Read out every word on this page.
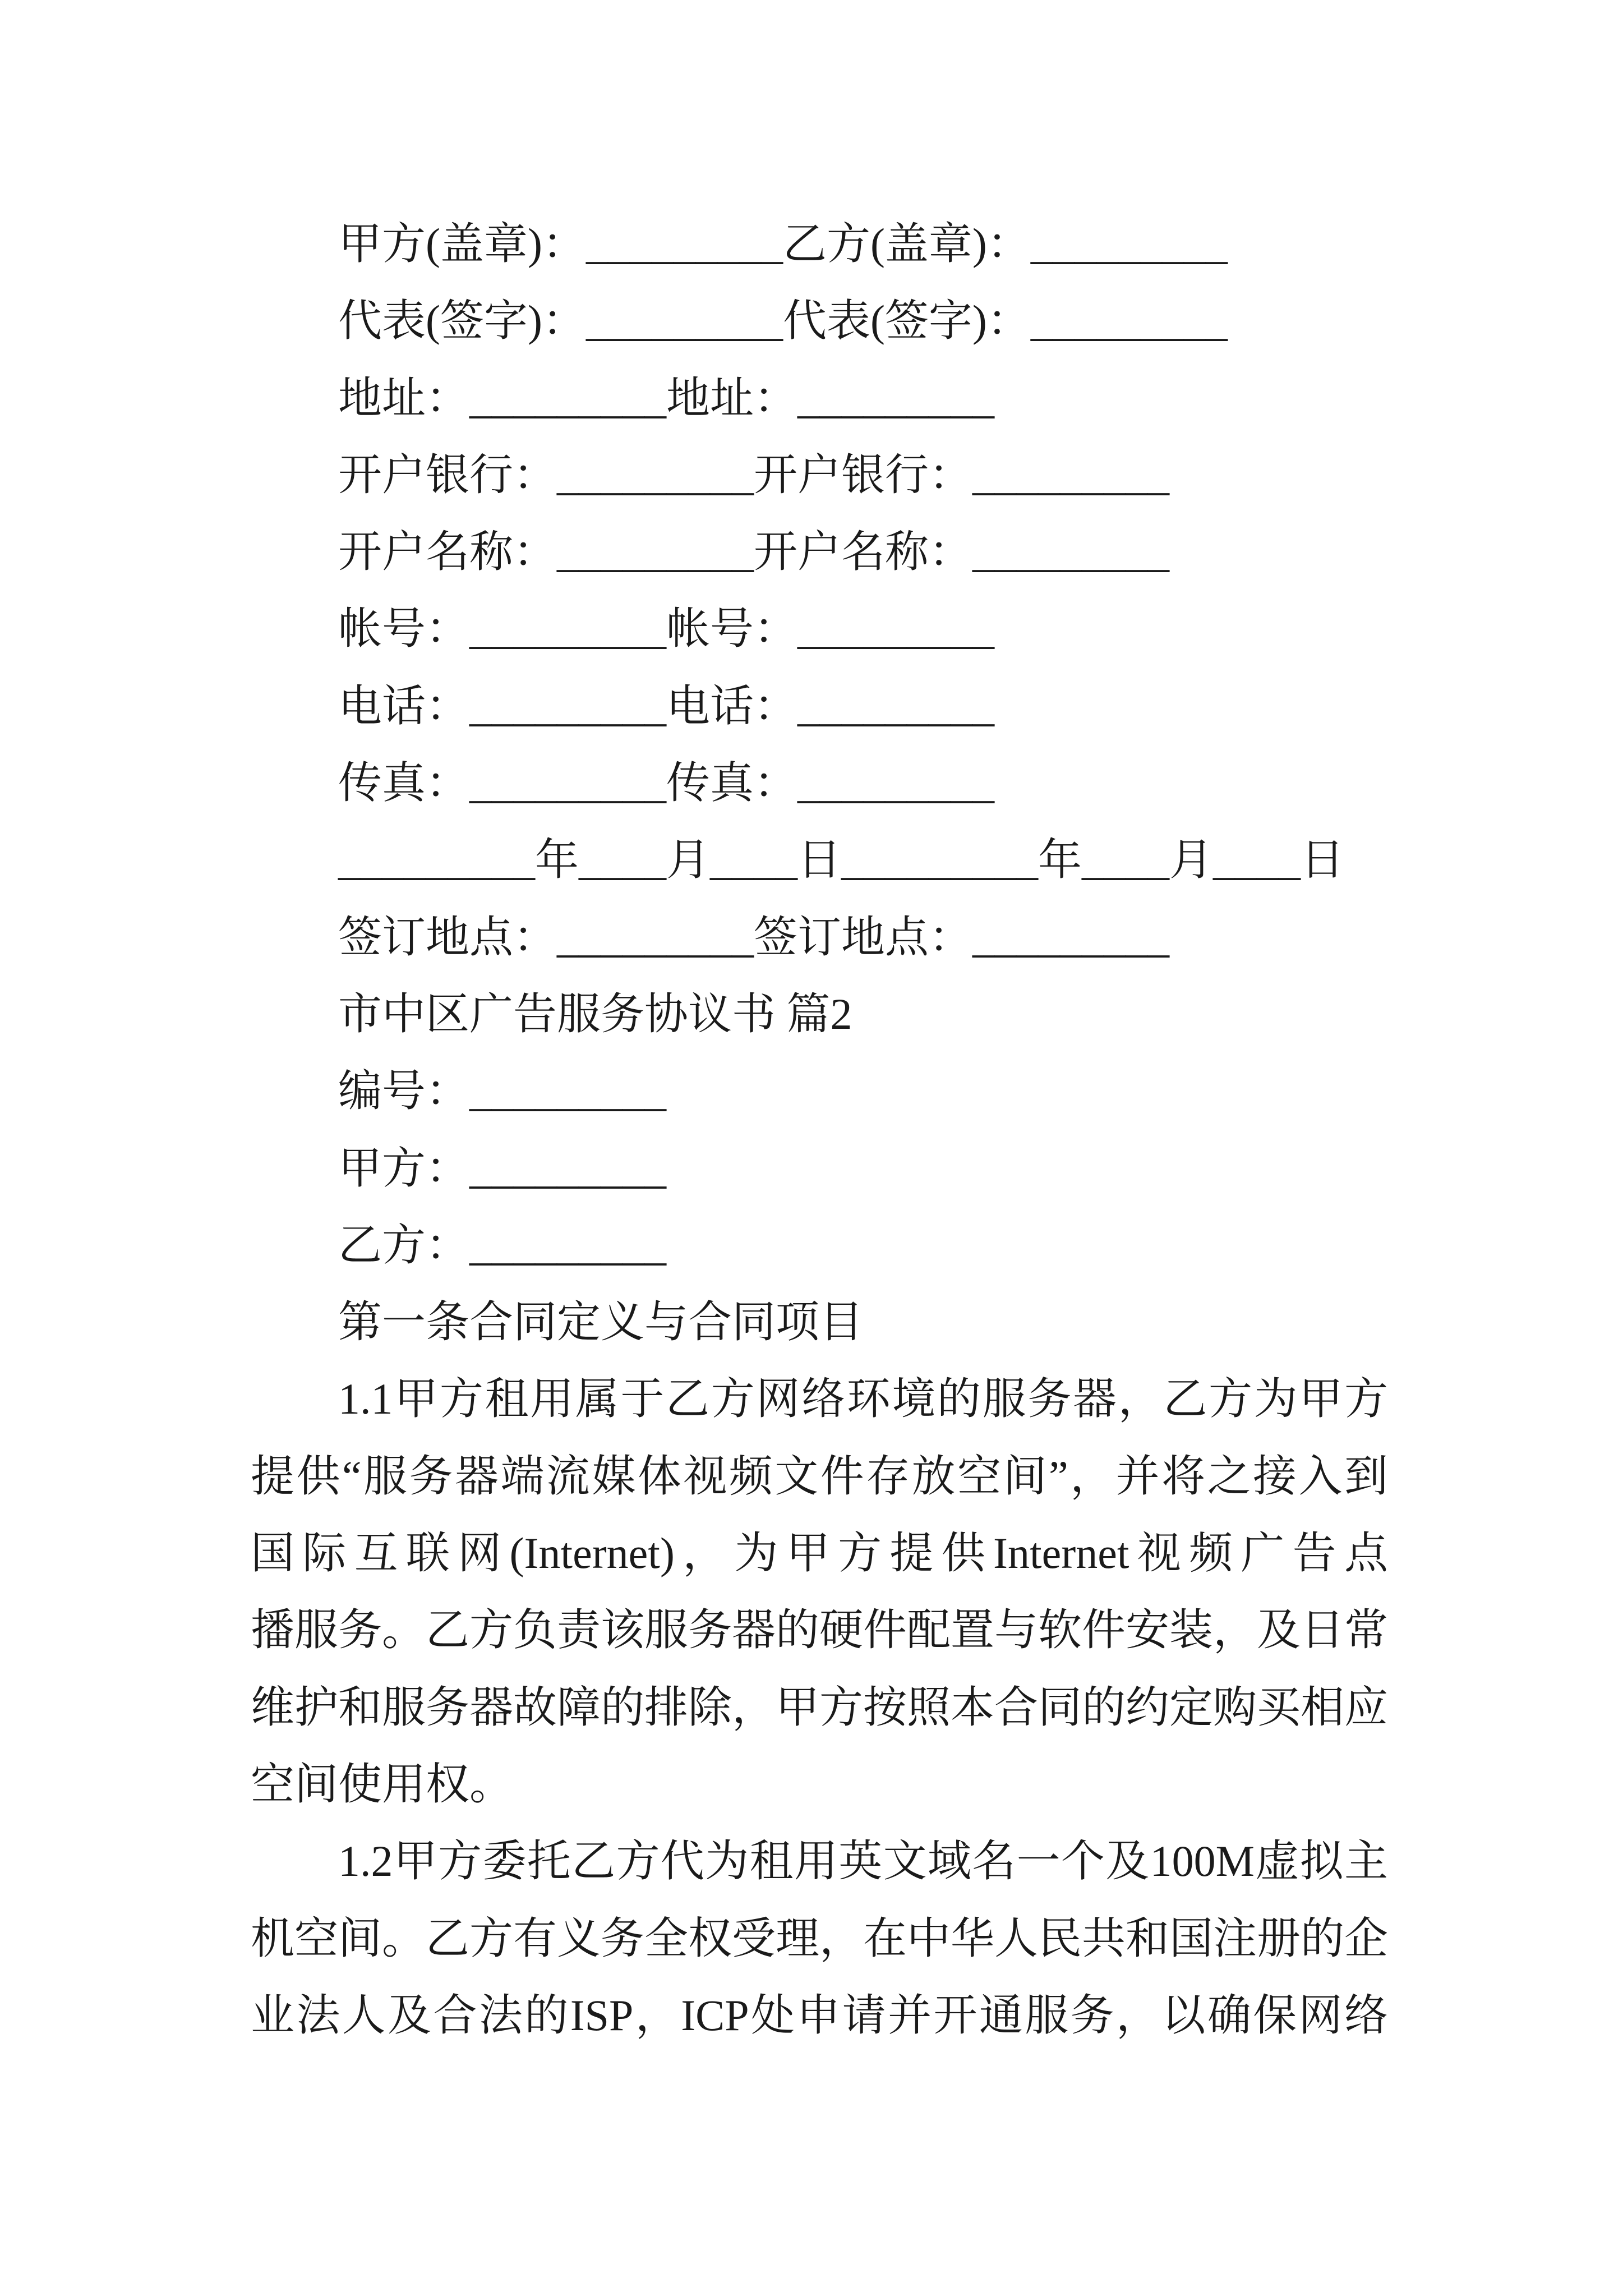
甲方(盖章)：_________乙方(盖章)：_________
代表(签字)：_________代表(签字)：_________
地址：_________地址：_________
开户银行：_________开户银行：_________
开户名称：_________开户名称：_________
帐号：_________帐号：_________
电话：_________电话：_________
传真：_________传真：_________
_________年____月____日_________年____月____日
签订地点：_________签订地点：_________
市中区广告服务协议书 篇2
编号：_________
甲方：_________
乙方：_________
第一条合同定义与合同项目
1.1甲方租用属于乙方网络环境的服务器，乙方为甲方
提供“服务器端流媒体视频文件存放空间”，并将之接入到
国际互联网(Internet)，为甲方提供Internet视频广告点
播服务。乙方负责该服务器的硬件配置与软件安装，及日常
维护和服务器故障的排除，甲方按照本合同的约定购买相应
空间使用权。
1.2甲方委托乙方代为租用英文域名一个及100M虚拟主
机空间。乙方有义务全权受理，在中华人民共和国注册的企
业法人及合法的ISP，ICP处申请并开通服务，以确保网络
